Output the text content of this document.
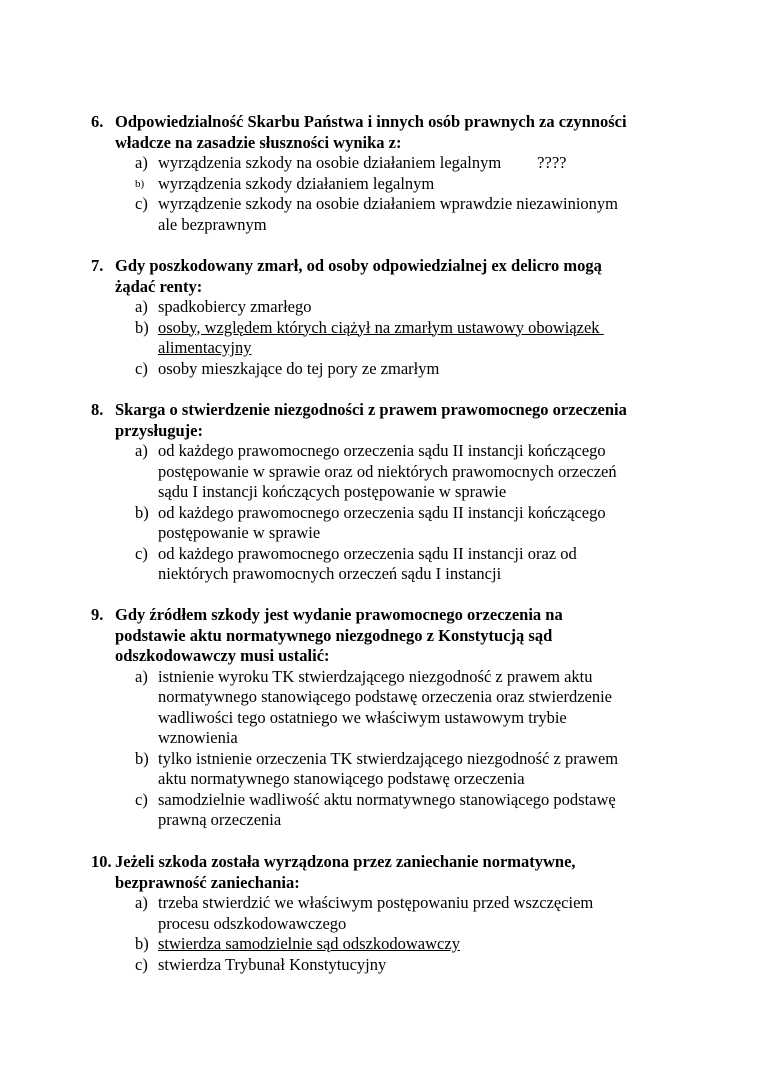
6. Odpowiedzialność Skarbu Państwa i innych osób prawnych za czynności
władcze na zasadzie słuszności wynika z:
a) wyrządzenia szkody na osobie działaniem legalnym ????
b) wyrządzenia szkody działaniem legalnym
c) wyrządzenie szkody na osobie działaniem wprawdzie niezawinionym
ale bezprawnym
7. Gdy poszkodowany zmarł, od osoby odpowiedzialnej ex delicro mogą
żądać renty:
a) spadkobiercy zmarłego
b) osoby, względem których ciążył na zmarłym ustawowy obowiązek
alimentacyjny
c) osoby mieszkające do tej pory ze zmarłym
8. Skarga o stwierdzenie niezgodności z prawem prawomocnego orzeczenia
przysługuje:
a) od każdego prawomocnego orzeczenia sądu II instancji kończącego
postępowanie w sprawie oraz od niektórych prawomocnych orzeczeń
sądu I instancji kończących postępowanie w sprawie
b) od każdego prawomocnego orzeczenia sądu II instancji kończącego
postępowanie w sprawie
c) od każdego prawomocnego orzeczenia sądu II instancji oraz od
niektórych prawomocnych orzeczeń sądu I instancji
9. Gdy źródłem szkody jest wydanie prawomocnego orzeczenia na
podstawie aktu normatywnego niezgodnego z Konstytucją sąd
odszkodowawczy musi ustalić:
a) istnienie wyroku TK stwierdzającego niezgodność z prawem aktu
normatywnego stanowiącego podstawę orzeczenia oraz stwierdzenie
wadliwości tego ostatniego we właściwym ustawowym trybie
wznowienia
b) tylko istnienie orzeczenia TK stwierdzającego niezgodność z prawem
aktu normatywnego stanowiącego podstawę orzeczenia
c) samodzielnie wadliwość aktu normatywnego stanowiącego podstawę
prawną orzeczenia
10. Jeżeli szkoda została wyrządzona przez zaniechanie normatywne,
bezprawność zaniechania:
a) trzeba stwierdzić we właściwym postępowaniu przed wszczęciem
procesu odszkodowawczego
b) stwierdza samodzielnie sąd odszkodowawczy
c) stwierdza Trybunał Konstytucyjny
